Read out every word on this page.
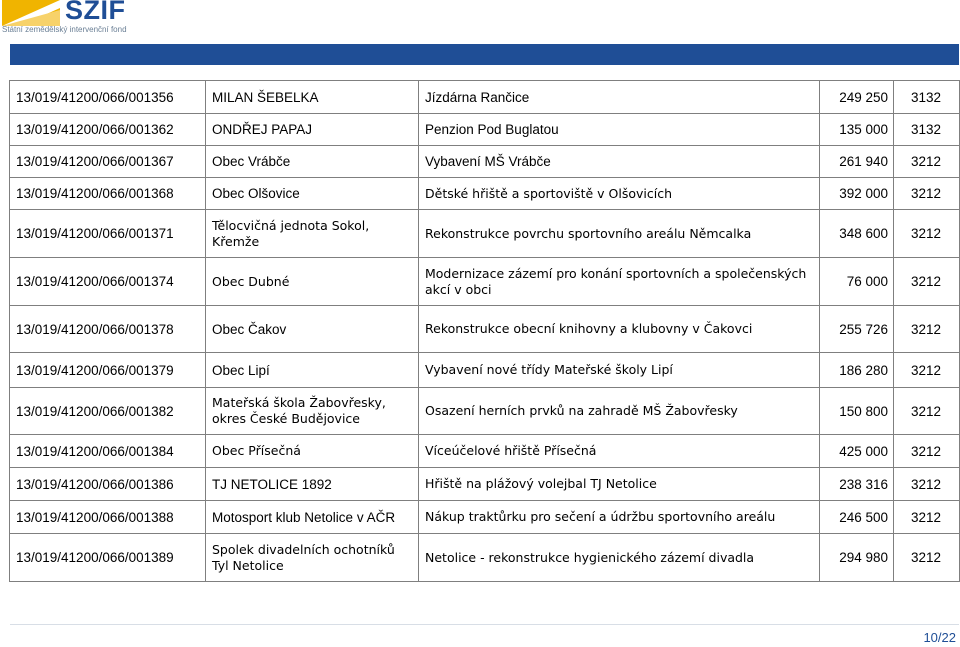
SZIF
Státní zemědělský intervenční fond
13/019/41200/066/001356	MILAN ŠEBELKA	Jízdárna Rančice	249 250	3132
13/019/41200/066/001362	ONDŘEJ PAPAJ	Penzion Pod Buglatou	135 000	3132
13/019/41200/066/001367	Obec Vrábče	Vybavení MŠ Vrábče	261 940	3212
13/019/41200/066/001368	Obec Olšovice	Dětské hřiště a sportoviště v Olšovicích	392 000	3212
13/019/41200/066/001371	Tělocvičná jednota Sokol, Křemže	Rekonstrukce povrchu sportovního areálu Němcalka	348 600	3212
13/019/41200/066/001374	Obec Dubné	Modernizace zázemí pro konání sportovních a společenských akcí v obci	76 000	3212
13/019/41200/066/001378	Obec Čakov	Rekonstrukce obecní knihovny a klubovny v Čakovci	255 726	3212
13/019/41200/066/001379	Obec Lipí	Vybavení nové třídy Mateřské školy Lipí	186 280	3212
13/019/41200/066/001382	Mateřská škola Žabovřesky, okres České Budějovice	Osazení herních prvků na zahradě MŠ Žabovřesky	150 800	3212
13/019/41200/066/001384	Obec Přísečná	Víceúčelové hřiště Přísečná	425 000	3212
13/019/41200/066/001386	TJ NETOLICE 1892	Hřiště na plážový volejbal TJ Netolice	238 316	3212
13/019/41200/066/001388	Motosport klub Netolice v AČR	Nákup traktůrku pro sečení a údržbu sportovního areálu	246 500	3212
13/019/41200/066/001389	Spolek divadelních ochotníků Tyl Netolice	Netolice - rekonstrukce hygienického zázemí divadla	294 980	3212
10/22
